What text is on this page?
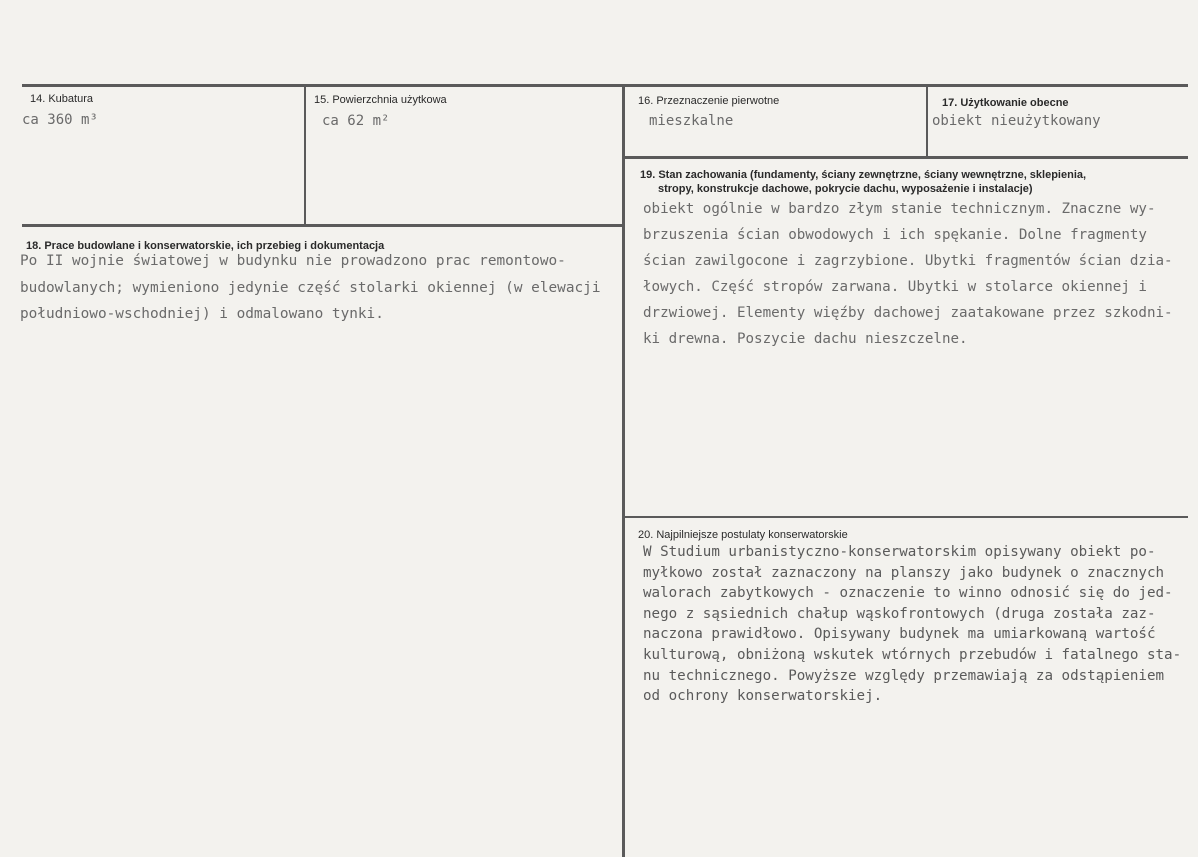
14. Kubatura
ca 360 m³
15. Powierzchnia użytkowa
ca 62 m²
16. Przeznaczenie pierwotne
mieszkalne
17. Użytkowanie obecne
obiekt nieużytkowany
18. Prace budowlane i konserwatorskie, ich przebieg i dokumentacja
Po II wojnie światowej w budynku nie prowadzono prac remontowo-
budowlanych; wymieniono jedynie część stolarki okiennej (w elewacji
południowo-wschodniej) i odmalowano tynki.
19. Stan zachowania (fundamenty, ściany zewnętrzne, ściany wewnętrzne, sklepienia,
stropy, konstrukcje dachowe, pokrycie dachu, wyposażenie i instalacje)
obiekt ogólnie w bardzo złym stanie technicznym. Znaczne wy-
brzuszenia ścian obwodowych i ich spękanie. Dolne fragmenty
ścian zawilgocone i zagrzybione. Ubytki fragmentów ścian dzia-
łowych. Część stropów zarwana. Ubytki w stolarce okiennej i
drzwiowej. Elementy więźby dachowej zaatakowane przez szkodni-
ki drewna. Poszycie dachu nieszczelne.
20. Najpilniejsze postulaty konserwatorskie
W Studium urbanistyczno-konserwatorskim opisywany obiekt po-
myłkowo został zaznaczony na planszy jako budynek o znacznych
walorach zabytkowych - oznaczenie to winno odnosić się do jed-
nego z sąsiednich chałup wąskofrontowych (druga została zaz-
naczona prawidłowo. Opisywany budynek ma umiarkowaną wartość
kulturową, obniżoną wskutek wtórnych przebudów i fatalnego sta-
nu technicznego. Powyższe względy przemawiają za odstąpieniem
od ochrony konserwatorskiej.
